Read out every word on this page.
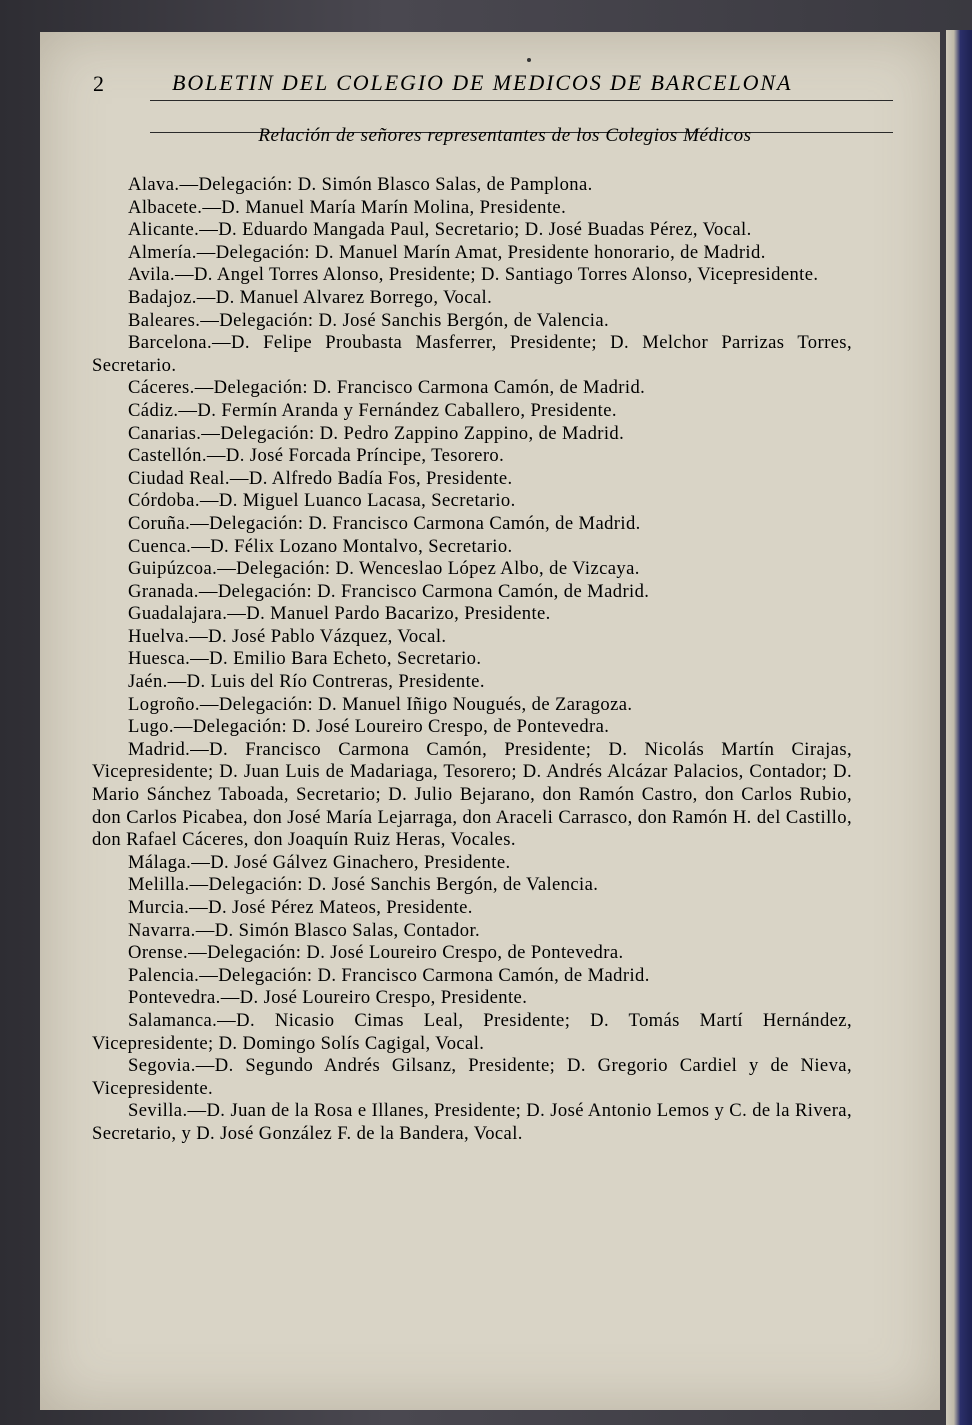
2	BOLETIN DEL COLEGIO DE MEDICOS DE BARCELONA
Relación de señores representantes de los Colegios Médicos

Alava.—Delegación: D. Simón Blasco Salas, de Pamplona.

Albacete.—D. Manuel María Marín Molina, Presidente.

Alicante.—D. Eduardo Mangada Paul, Secretario; D. José Buadas Pérez, Vocal.

Almería.—Delegación: D. Manuel Marín Amat, Presidente honorario, de Madrid.

Avila.—D. Angel Torres Alonso, Presidente; D. Santiago Torres Alonso, Vicepresidente.

Badajoz.—D. Manuel Alvarez Borrego, Vocal.

Baleares.—Delegación: D. José Sanchis Bergón, de Valencia.

Barcelona.—D. Felipe Proubasta Masferrer, Presidente; D. Melchor Parrizas Torres, Secretario.

Cáceres.—Delegación: D. Francisco Carmona Camón, de Madrid.

Cádiz.—D. Fermín Aranda y Fernández Caballero, Presidente.

Canarias.—Delegación: D. Pedro Zappino Zappino, de Madrid.

Castellón.—D. José Forcada Príncipe, Tesorero.

Ciudad Real.—D. Alfredo Badía Fos, Presidente.

Córdoba.—D. Miguel Luanco Lacasa, Secretario.

Coruña.—Delegación: D. Francisco Carmona Camón, de Madrid.

Cuenca.—D. Félix Lozano Montalvo, Secretario.

Guipúzcoa.—Delegación: D. Wenceslao López Albo, de Vizcaya.

Granada.—Delegación: D. Francisco Carmona Camón, de Madrid.

Guadalajara.—D. Manuel Pardo Bacarizo, Presidente.

Huelva.—D. José Pablo Vázquez, Vocal.

Huesca.—D. Emilio Bara Echeto, Secretario.

Jaén.—D. Luis del Río Contreras, Presidente.

Logroño.—Delegación: D. Manuel Iñigo Nougués, de Zaragoza.

Lugo.—Delegación: D. José Loureiro Crespo, de Pontevedra.

Madrid.—D. Francisco Carmona Camón, Presidente; D. Nicolás Martín Cirajas, Vicepresidente; D. Juan Luis de Madariaga, Tesorero; D. Andrés Alcázar Palacios, Contador; D. Mario Sánchez Taboada, Secretario; D. Julio Bejarano, don Ramón Castro, don Carlos Rubio, don Carlos Picabea, don José María Lejarraga, don Araceli Carrasco, don Ramón H. del Castillo, don Rafael Cáceres, don Joaquín Ruiz Heras, Vocales.

Málaga.—D. José Gálvez Ginachero, Presidente.

Melilla.—Delegación: D. José Sanchis Bergón, de Valencia.

Murcia.—D. José Pérez Mateos, Presidente.

Navarra.—D. Simón Blasco Salas, Contador.

Orense.—Delegación: D. José Loureiro Crespo, de Pontevedra.

Palencia.—Delegación: D. Francisco Carmona Camón, de Madrid.

Pontevedra.—D. José Loureiro Crespo, Presidente.

Salamanca.—D. Nicasio Cimas Leal, Presidente; D. Tomás Martí Hernández, Vicepresidente; D. Domingo Solís Cagigal, Vocal.

Segovia.—D. Segundo Andrés Gilsanz, Presidente; D. Gregorio Cardiel y de Nieva, Vicepresidente.

Sevilla.—D. Juan de la Rosa e Illanes, Presidente; D. José Antonio Lemos y C. de la Rivera, Secretario, y D. José González F. de la Bandera, Vocal.
